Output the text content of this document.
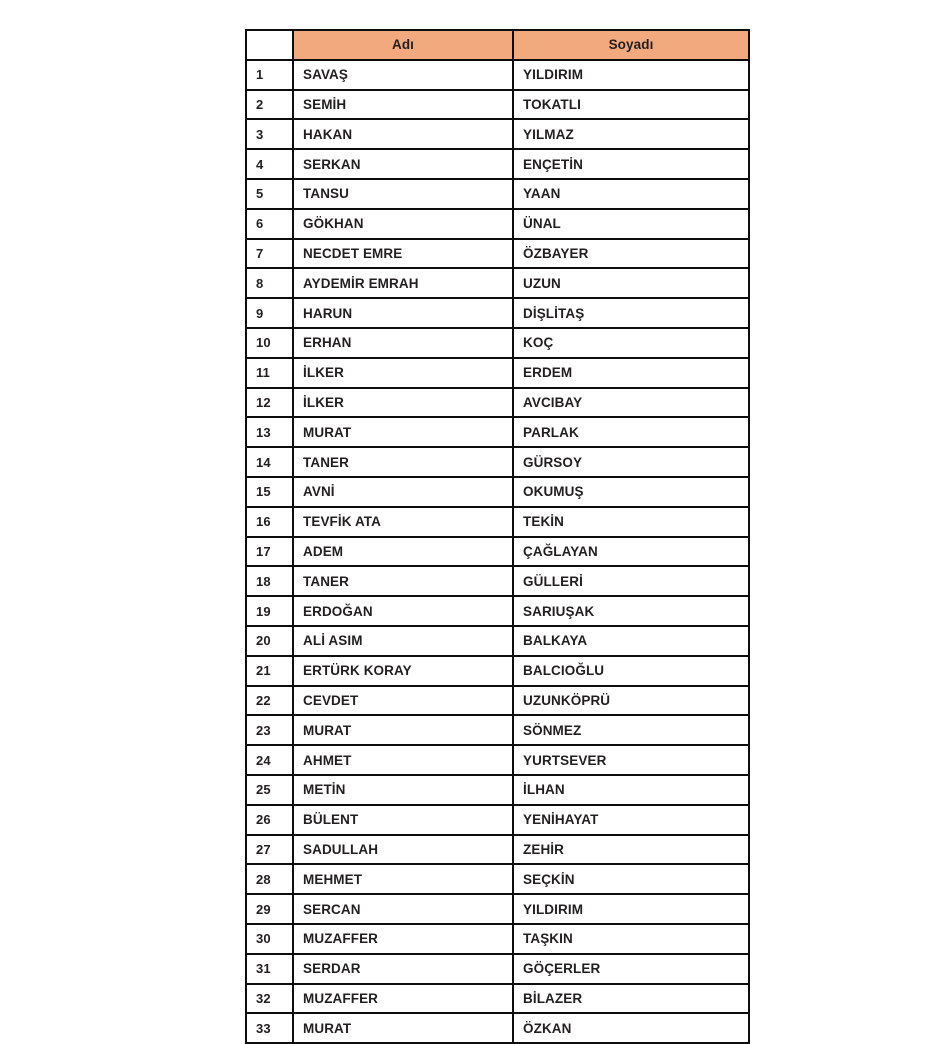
	Adı	Soyadı
1	SAVAŞ	YILDIRIM
2	SEMİH	TOKATLI
3	HAKAN	YILMAZ
4	SERKAN	ENÇETİN
5	TANSU	YAAN
6	GÖKHAN	ÜNAL
7	NECDET EMRE	ÖZBAYER
8	AYDEMİR EMRAH	UZUN
9	HARUN	DİŞLİTAŞ
10	ERHAN	KOÇ
11	İLKER	ERDEM
12	İLKER	AVCIBAY
13	MURAT	PARLAK
14	TANER	GÜRSOY
15	AVNİ	OKUMUŞ
16	TEVFİK ATA	TEKİN
17	ADEM	ÇAĞLAYAN
18	TANER	GÜLLERİ
19	ERDOĞAN	SARIUŞAK
20	ALİ ASIM	BALKAYA
21	ERTÜRK KORAY	BALCIOĞLU
22	CEVDET	UZUNKÖPRÜ
23	MURAT	SÖNMEZ
24	AHMET	YURTSEVER
25	METİN	İLHAN
26	BÜLENT	YENİHAYAT
27	SADULLAH	ZEHİR
28	MEHMET	SEÇKİN
29	SERCAN	YILDIRIM
30	MUZAFFER	TAŞKIN
31	SERDAR	GÖÇERLER
32	MUZAFFER	BİLAZER
33	MURAT	ÖZKAN
